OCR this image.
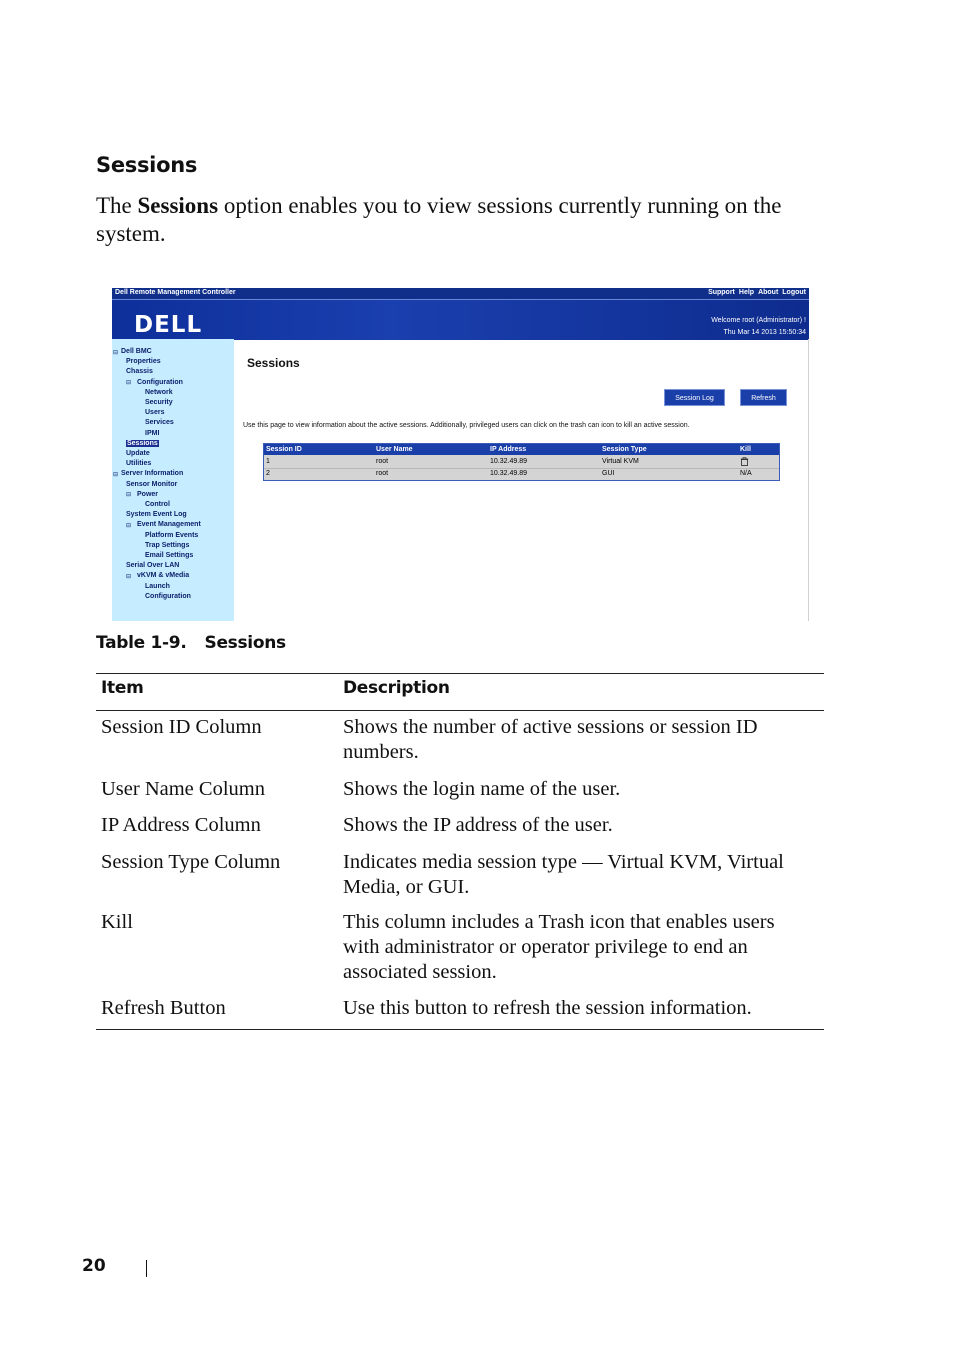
Sessions
The Sessions option enables you to view sessions currently running on the system.
Dell Remote Management Controller	Support Help About Logout
DELL	Welcome root (Administrator) !
Thu Mar 14 2013 15:50:34
⊟ Dell BMC
Properties
Chassis
⊟ Configuration
Network
Security
Users
Services
IPMI
Sessions
Update
Utilities
⊟ Server Information
Sensor Monitor
⊟ Power
Control
System Event Log
⊟ Event Management
Platform Events
Trap Settings
Email Settings
Serial Over LAN
⊟ vKVM & vMedia
Launch
Configuration
Sessions
Session Log	Refresh
Use this page to view information about the active sessions. Additionally, privileged users can click on the trash can icon to kill an active session.
Session ID	User Name	IP Address	Session Type	Kill
1	root	10.32.49.89	Virtual KVM
2	root	10.32.49.89	GUI	N/A
Table 1-9. Sessions
Item	Description
Session ID Column	Shows the number of active sessions or session ID numbers.
User Name Column	Shows the login name of the user.
IP Address Column	Shows the IP address of the user.
Session Type Column	Indicates media session type — Virtual KVM, Virtual Media, or GUI.
Kill	This column includes a Trash icon that enables users with administrator or operator privilege to end an associated session.
Refresh Button	Use this button to refresh the session information.
20
